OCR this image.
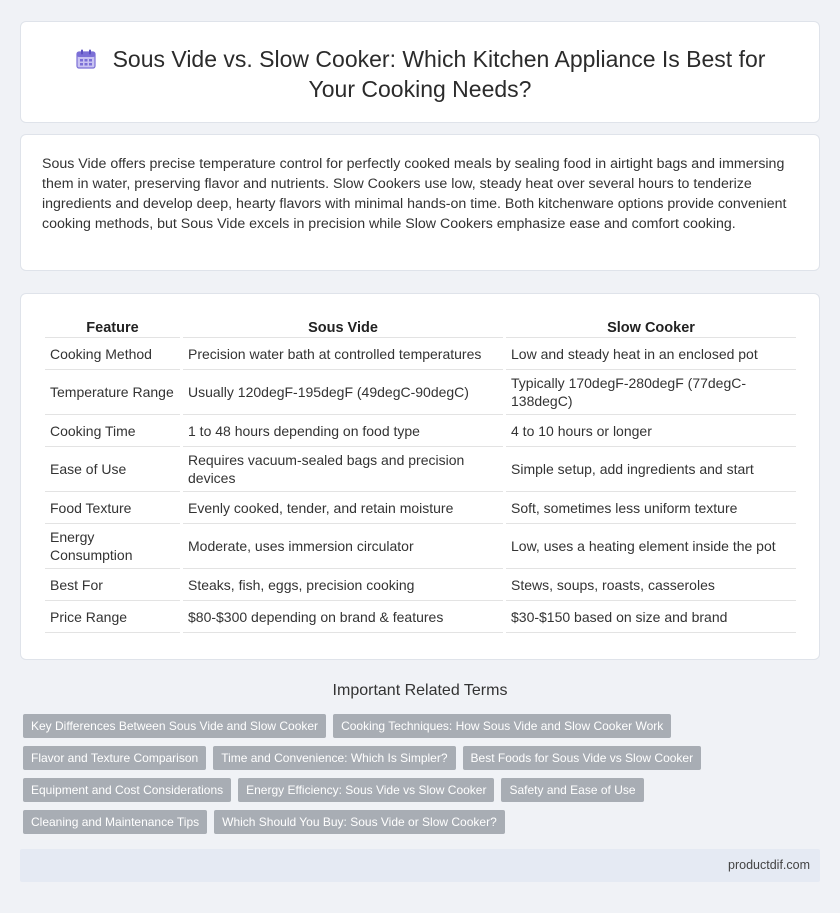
Sous Vide vs. Slow Cooker: Which Kitchen Appliance Is Best for
Your Cooking Needs?

Sous Vide offers precise temperature control for perfectly cooked meals by sealing food in airtight bags and immersing them in water, preserving flavor and nutrients. Slow Cookers use low, steady heat over several hours to tenderize ingredients and develop deep, hearty flavors with minimal hands-on time. Both kitchenware options provide convenient cooking methods, but Sous Vide excels in precision while Slow Cookers emphasize ease and comfort cooking.

Feature	Sous Vide	Slow Cooker
Cooking Method	Precision water bath at controlled temperatures	Low and steady heat in an enclosed pot
Temperature Range	Usually 120degF-195degF (49degC-90degC)	Typically 170degF-280degF (77degC-138degC)
Cooking Time	1 to 48 hours depending on food type	4 to 10 hours or longer
Ease of Use	Requires vacuum-sealed bags and precision devices	Simple setup, add ingredients and start
Food Texture	Evenly cooked, tender, and retain moisture	Soft, sometimes less uniform texture
Energy Consumption	Moderate, uses immersion circulator	Low, uses a heating element inside the pot
Best For	Steaks, fish, eggs, precision cooking	Stews, soups, roasts, casseroles
Price Range	$80-$300 depending on brand & features	$30-$150 based on size and brand
Important Related Terms
Key Differences Between Sous Vide and Slow Cooker	Cooking Techniques: How Sous Vide and Slow Cooker Work
Flavor and Texture Comparison	Time and Convenience: Which Is Simpler?	Best Foods for Sous Vide vs Slow Cooker
Equipment and Cost Considerations	Energy Efficiency: Sous Vide vs Slow Cooker	Safety and Ease of Use
Cleaning and Maintenance Tips	Which Should You Buy: Sous Vide or Slow Cooker?
productdif.com
